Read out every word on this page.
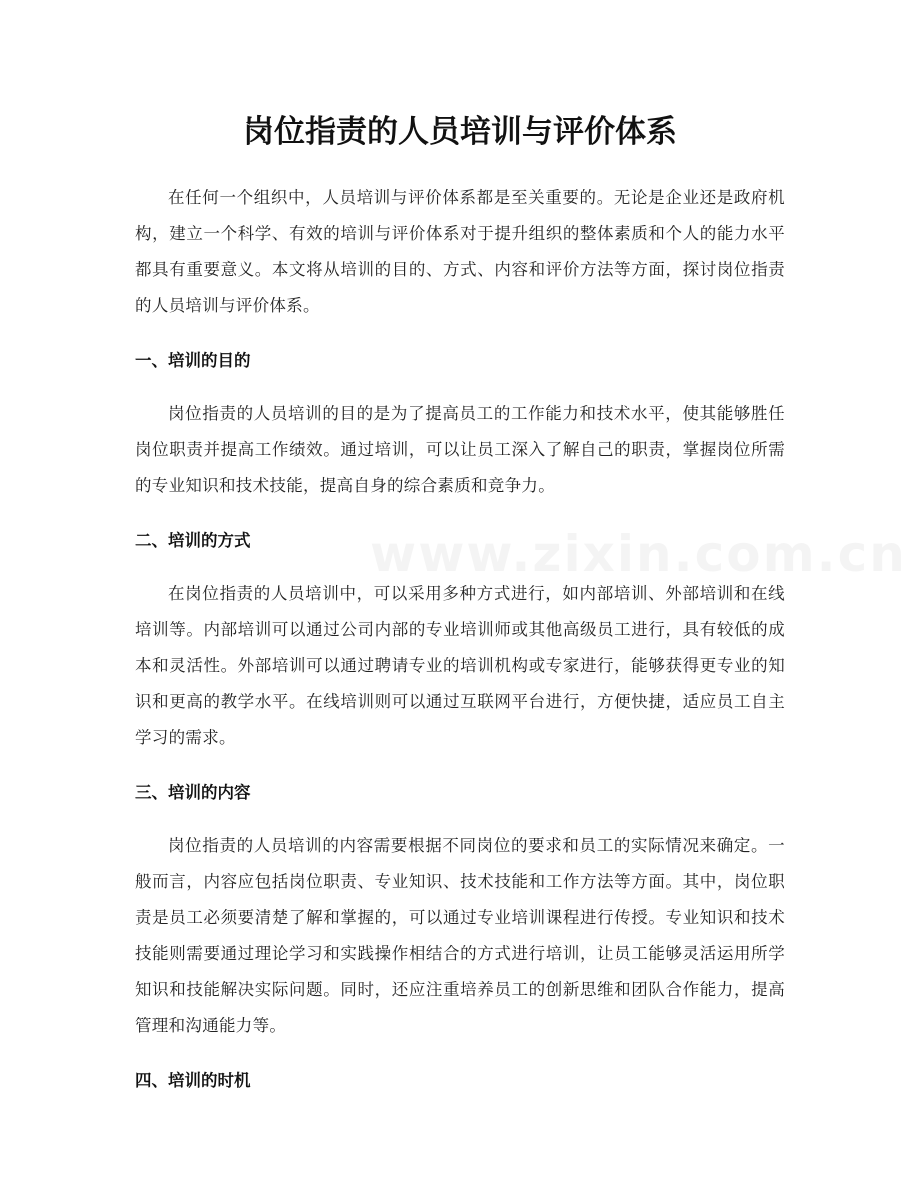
岗位指责的人员培训与评价体系

在任何一个组织中，人员培训与评价体系都是至关重要的。无论是企业还是政府机构，建立一个科学、有效的培训与评价体系对于提升组织的整体素质和个人的能力水平都具有重要意义。本文将从培训的目的、方式、内容和评价方法等方面，探讨岗位指责的人员培训与评价体系。

一、培训的目的

岗位指责的人员培训的目的是为了提高员工的工作能力和技术水平，使其能够胜任岗位职责并提高工作绩效。通过培训，可以让员工深入了解自己的职责，掌握岗位所需的专业知识和技术技能，提高自身的综合素质和竞争力。

二、培训的方式

在岗位指责的人员培训中，可以采用多种方式进行，如内部培训、外部培训和在线培训等。内部培训可以通过公司内部的专业培训师或其他高级员工进行，具有较低的成本和灵活性。外部培训可以通过聘请专业的培训机构或专家进行，能够获得更专业的知识和更高的教学水平。在线培训则可以通过互联网平台进行，方便快捷，适应员工自主学习的需求。

三、培训的内容

岗位指责的人员培训的内容需要根据不同岗位的要求和员工的实际情况来确定。一般而言，内容应包括岗位职责、专业知识、技术技能和工作方法等方面。其中，岗位职责是员工必须要清楚了解和掌握的，可以通过专业培训课程进行传授。专业知识和技术技能则需要通过理论学习和实践操作相结合的方式进行培训，让员工能够灵活运用所学知识和技能解决实际问题。同时，还应注重培养员工的创新思维和团队合作能力，提高管理和沟通能力等。

四、培训的时机
